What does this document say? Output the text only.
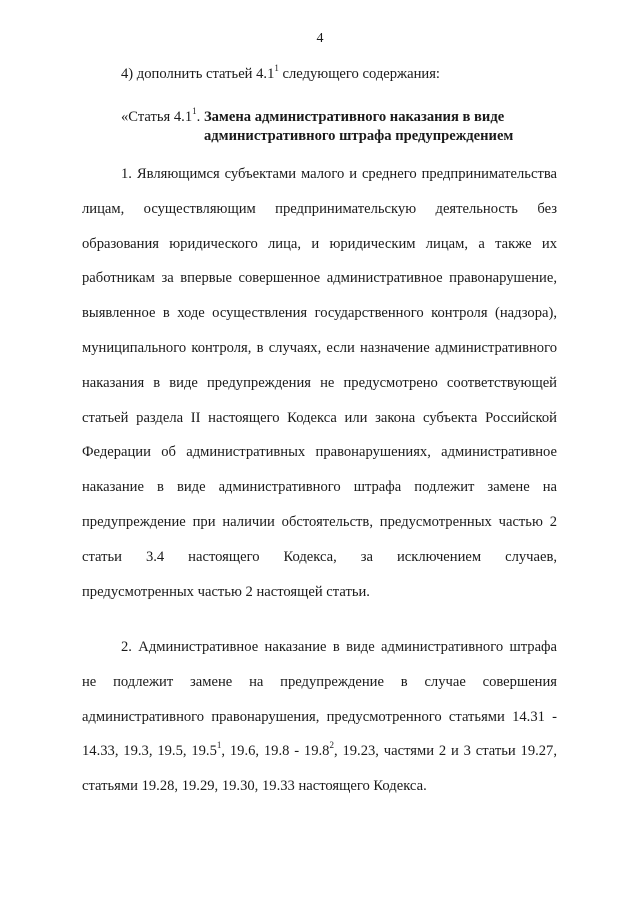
4
4) дополнить статьей $4.1^1$ следующего содержания:
«Статья $4.1^1$. Замена административного наказания в виде
административного штрафа предупреждением
1. Являющимся субъектами малого и среднего предпринимательства
лицам, осуществляющим предпринимательскую деятельность без
образования юридического лица, и юридическим лицам, а также их
работникам за впервые совершенное административное правонарушение,
выявленное в ходе осуществления государственного контроля (надзора),
муниципального контроля, в случаях, если назначение административного
наказания в виде предупреждения не предусмотрено соответствующей
статьей раздела II настоящего Кодекса или закона субъекта Российской
Федерации об административных правонарушениях, административное
наказание в виде административного штрафа подлежит замене на
предупреждение при наличии обстоятельств, предусмотренных частью 2
статьи 3.4 настоящего Кодекса, за исключением случаев,
предусмотренных частью 2 настоящей статьи.
2. Административное наказание в виде административного штрафа
не подлежит замене на предупреждение в случае совершения
административного правонарушения, предусмотренного статьями 14.31 -
14.33, 19.3, 19.5, 19.5$^1$, 19.6, 19.8 - 19.8$^2$, 19.23, частями 2 и 3 статьи 19.27,
статьями 19.28, 19.29, 19.30, 19.33 настоящего Кодекса.
